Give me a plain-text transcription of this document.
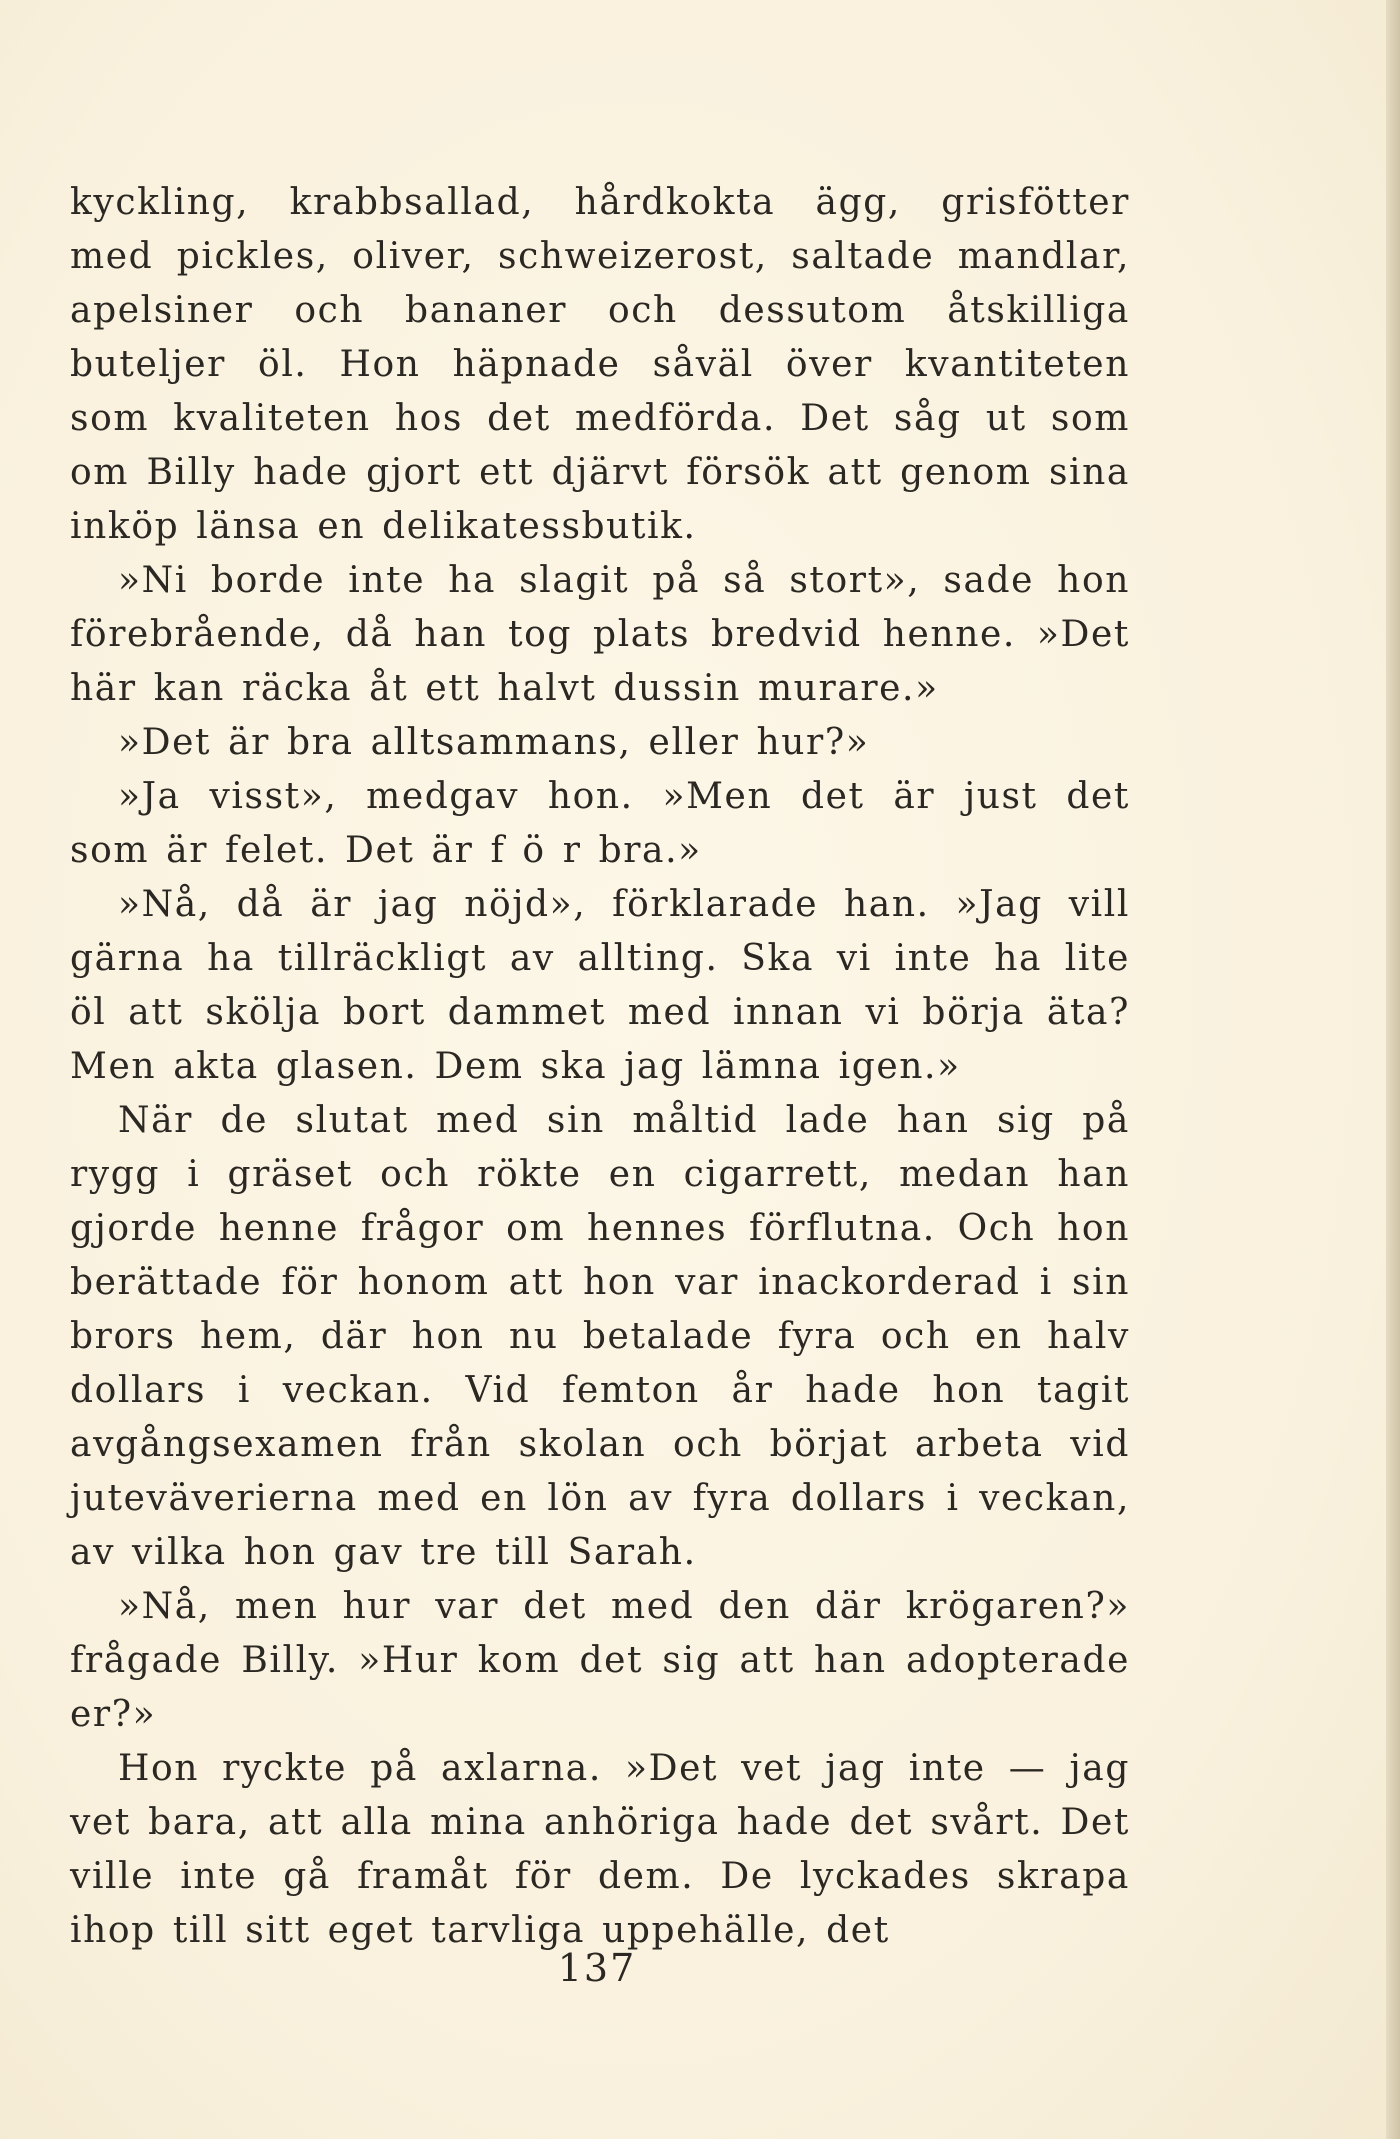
kyckling, krabbsallad, hårdkokta ägg, grisfötter med pickles, oliver, schweizerost, saltade mandlar, apelsiner och bananer och dessutom åtskilliga buteljer öl. Hon häpnade såväl över kvantiteten som kvaliteten hos det medförda. Det såg ut som om Billy hade gjort ett djärvt försök att genom sina inköp länsa en delikatessbutik.

»Ni borde inte ha slagit på så stort», sade hon förebrående, då han tog plats bredvid henne. »Det här kan räcka åt ett halvt dussin murare.»

»Det är bra alltsammans, eller hur?»

»Ja visst», medgav hon. »Men det är just det som är felet. Det är f ö r bra.»

»Nå, då är jag nöjd», förklarade han. »Jag vill gärna ha tillräckligt av allting. Ska vi inte ha lite öl att skölja bort dammet med innan vi börja äta? Men akta glasen. Dem ska jag lämna igen.»

När de slutat med sin måltid lade han sig på rygg i gräset och rökte en cigarrett, medan han gjorde henne frågor om hennes förflutna. Och hon berättade för honom att hon var inackorderad i sin brors hem, där hon nu betalade fyra och en halv dollars i veckan. Vid femton år hade hon tagit avgångsexamen från skolan och börjat arbeta vid juteväverierna med en lön av fyra dollars i veckan, av vilka hon gav tre till Sarah.

»Nå, men hur var det med den där krögaren?» frågade Billy. »Hur kom det sig att han adopterade er?»

Hon ryckte på axlarna. »Det vet jag inte — jag vet bara, att alla mina anhöriga hade det svårt. Det ville inte gå framåt för dem. De lyckades skrapa ihop till sitt eget tarvliga uppehälle, det

137
